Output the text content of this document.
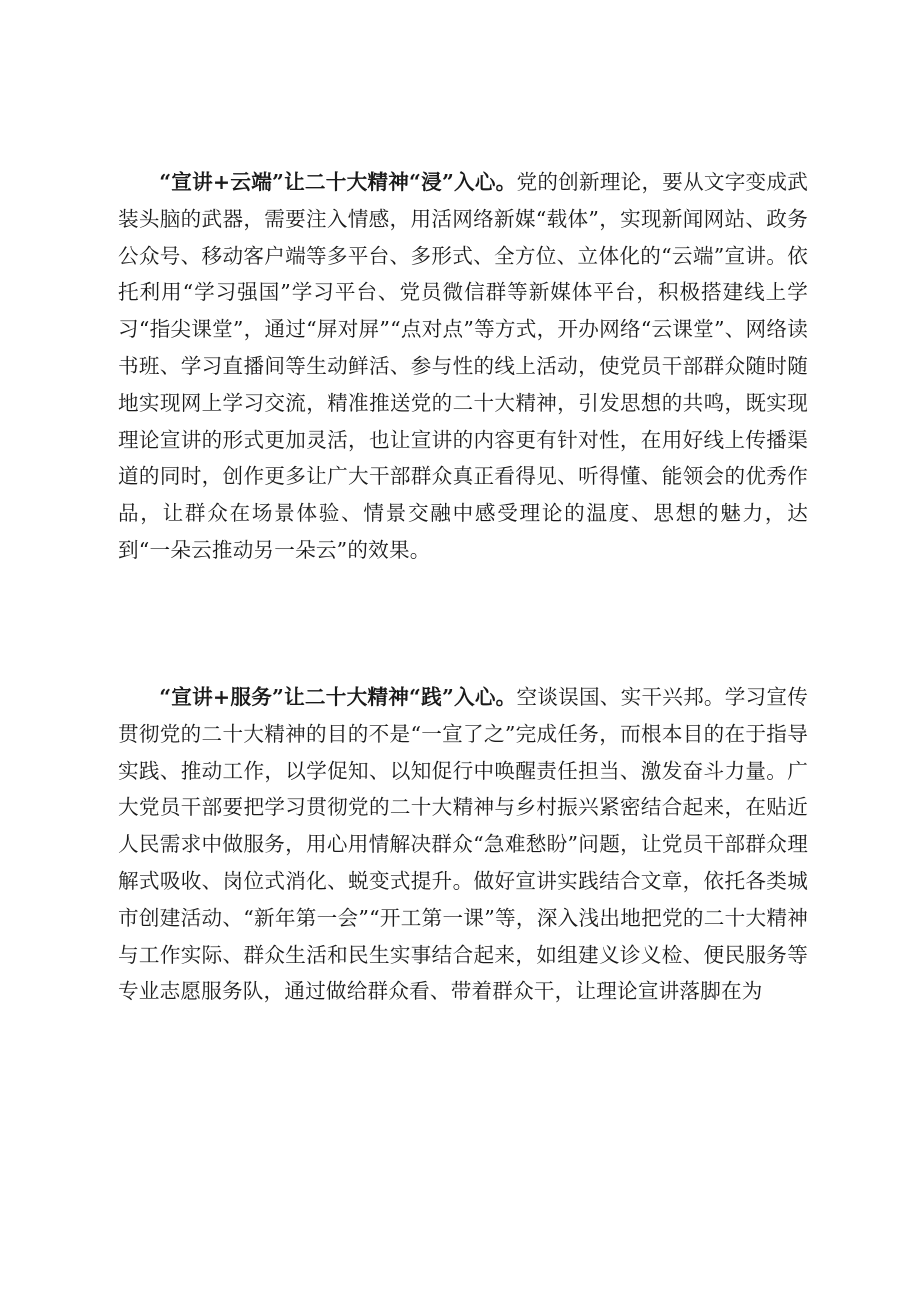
“宣讲+云端”让二十大精神“浸”入心。党的创新理论，要从文字变成武装头脑的武器，需要注入情感，用活网络新媒“载体”，实现新闻网站、政务公众号、移动客户端等多平台、多形式、全方位、立体化的“云端”宣讲。依托利用“学习强国”学习平台、党员微信群等新媒体平台，积极搭建线上学习“指尖课堂”，通过“屏对屏”“点对点”等方式，开办网络“云课堂”、网络读书班、学习直播间等生动鲜活、参与性的线上活动，使党员干部群众随时随地实现网上学习交流，精准推送党的二十大精神，引发思想的共鸣，既实现理论宣讲的形式更加灵活，也让宣讲的内容更有针对性，在用好线上传播渠道的同时，创作更多让广大干部群众真正看得见、听得懂、能领会的优秀作品，让群众在场景体验、情景交融中感受理论的温度、思想的魅力，达到“一朵云推动另一朵云”的效果。

“宣讲+服务”让二十大精神“践”入心。空谈误国、实干兴邦。学习宣传贯彻党的二十大精神的目的不是“一宣了之”完成任务，而根本目的在于指导实践、推动工作，以学促知、以知促行中唤醒责任担当、激发奋斗力量。广大党员干部要把学习贯彻党的二十大精神与乡村振兴紧密结合起来，在贴近人民需求中做服务，用心用情解决群众“急难愁盼”问题，让党员干部群众理解式吸收、岗位式消化、蜕变式提升。做好宣讲实践结合文章，依托各类城市创建活动、“新年第一会”“开工第一课”等，深入浅出地把党的二十大精神与工作实际、群众生活和民生实事结合起来，如组建义诊义检、便民服务等专业志愿服务队，通过做给群众看、带着群众干，让理论宣讲落脚在为
